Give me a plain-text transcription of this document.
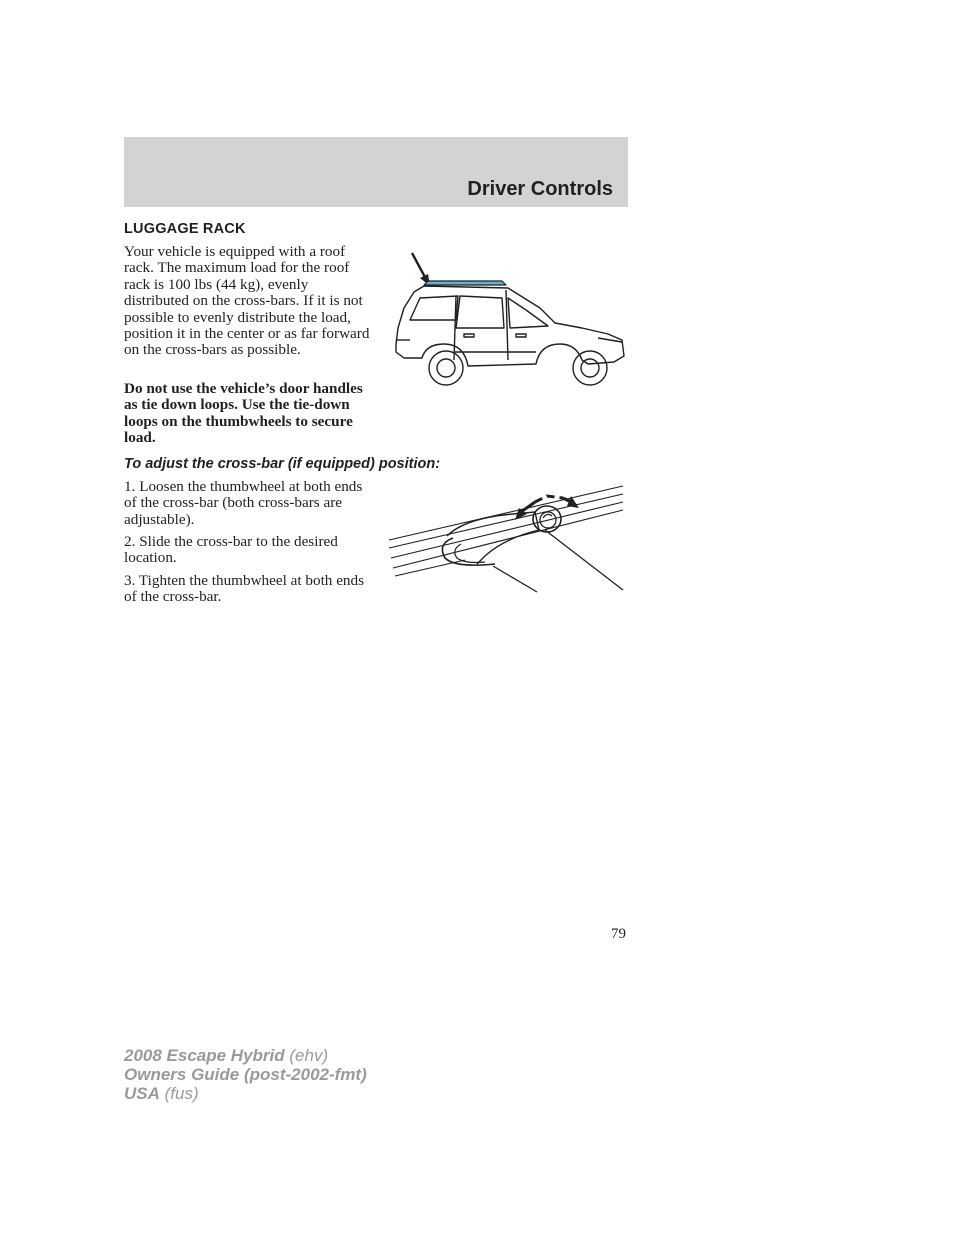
Driver Controls
LUGGAGE RACK
Your vehicle is equipped with a roof rack. The maximum load for the roof rack is 100 lbs (44 kg), evenly distributed on the cross-bars. If it is not possible to evenly distribute the load, position it in the center or as far forward on the cross-bars as possible.
Do not use the vehicle’s door handles as tie down loops. Use the tie-down loops on the thumbwheels to secure load.
To adjust the cross-bar (if equipped) position:
1. Loosen the thumbwheel at both ends of the cross-bar (both cross-bars are adjustable).
2. Slide the cross-bar to the desired location.
3. Tighten the thumbwheel at both ends of the cross-bar.
79
2008 Escape Hybrid (ehv)
Owners Guide (post-2002-fmt)
USA (fus)
